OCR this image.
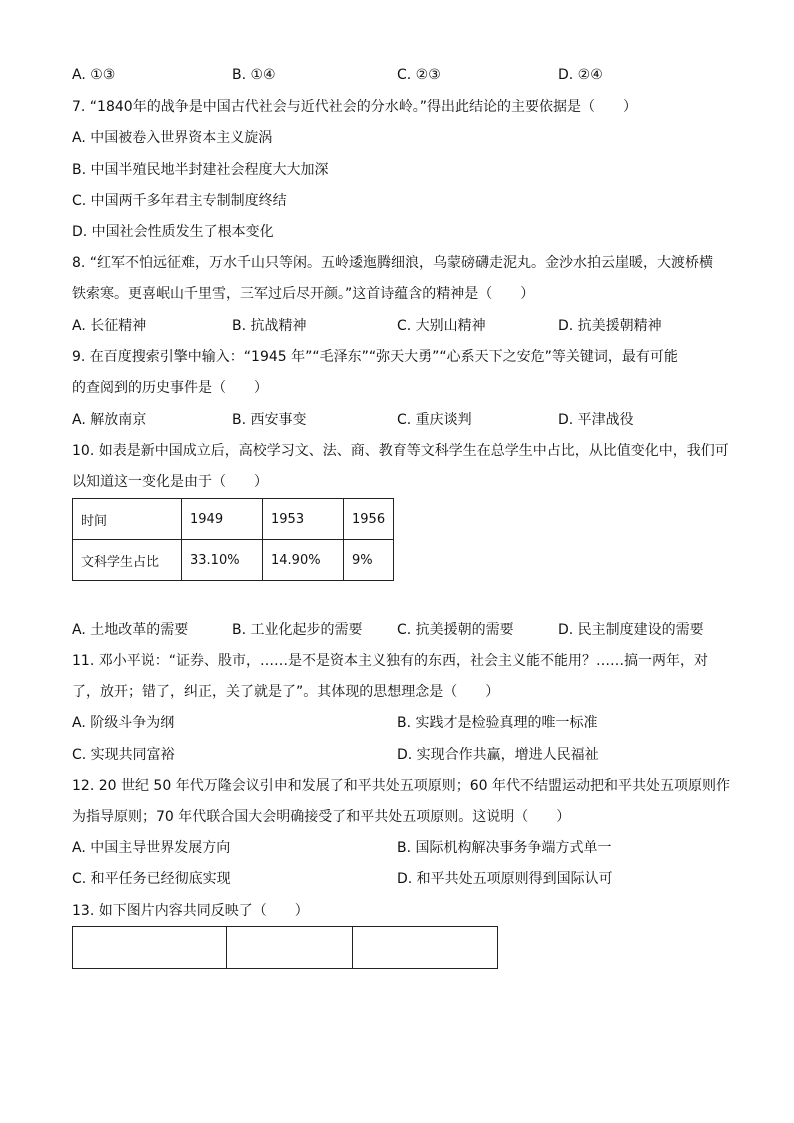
A. ①③	B. ①④	C. ②③	D. ②④
7. “1840年的战争是中国古代社会与近代社会的分水岭。”得出此结论的主要依据是（　　）
A. 中国被卷入世界资本主义旋涡
B. 中国半殖民地半封建社会程度大大加深
C. 中国两千多年君主专制制度终结
D. 中国社会性质发生了根本变化
8. “红军不怕远征难，万水千山只等闲。五岭逶迤腾细浪，乌蒙磅礴走泥丸。金沙水拍云崖暖，大渡桥横
铁索寒。更喜岷山千里雪，三军过后尽开颜。”这首诗蕴含的精神是（　　）
A. 长征精神	B. 抗战精神	C. 大别山精神	D. 抗美援朝精神
9. 在百度搜索引擎中输入：“1945 年”“毛泽东”“弥天大勇”“心系天下之安危”等关键词，最有可能
的查阅到的历史事件是（　　）
A. 解放南京	B. 西安事变	C. 重庆谈判	D. 平津战役
10. 如表是新中国成立后，高校学习文、法、商、教育等文科学生在总学生中占比，从比值变化中，我们可
以知道这一变化是由于（　　）
时间	1949	1953	1956
文科学生占比	33.10%	14.90%	9%
A. 土地改革的需要	B. 工业化起步的需要 C. 抗美援朝的需要	D. 民主制度建设的需要
11. 邓小平说：“证券、股市，……是不是资本主义独有的东西，社会主义能不能用？……搞一两年，对
了，放开；错了，纠正，关了就是了”。其体现的思想理念是（　　）
A. 阶级斗争为纲	B. 实践才是检验真理的唯一标准
C. 实现共同富裕	D. 实现合作共赢，增进人民福祉
12. 20 世纪 50 年代万隆会议引申和发展了和平共处五项原则；60 年代不结盟运动把和平共处五项原则作
为指导原则；70 年代联合国大会明确接受了和平共处五项原则。这说明（　　）
A. 中国主导世界发展方向	B. 国际机构解决事务争端方式单一
C. 和平任务已经彻底实现	D. 和平共处五项原则得到国际认可
13. 如下图片内容共同反映了（　　）
